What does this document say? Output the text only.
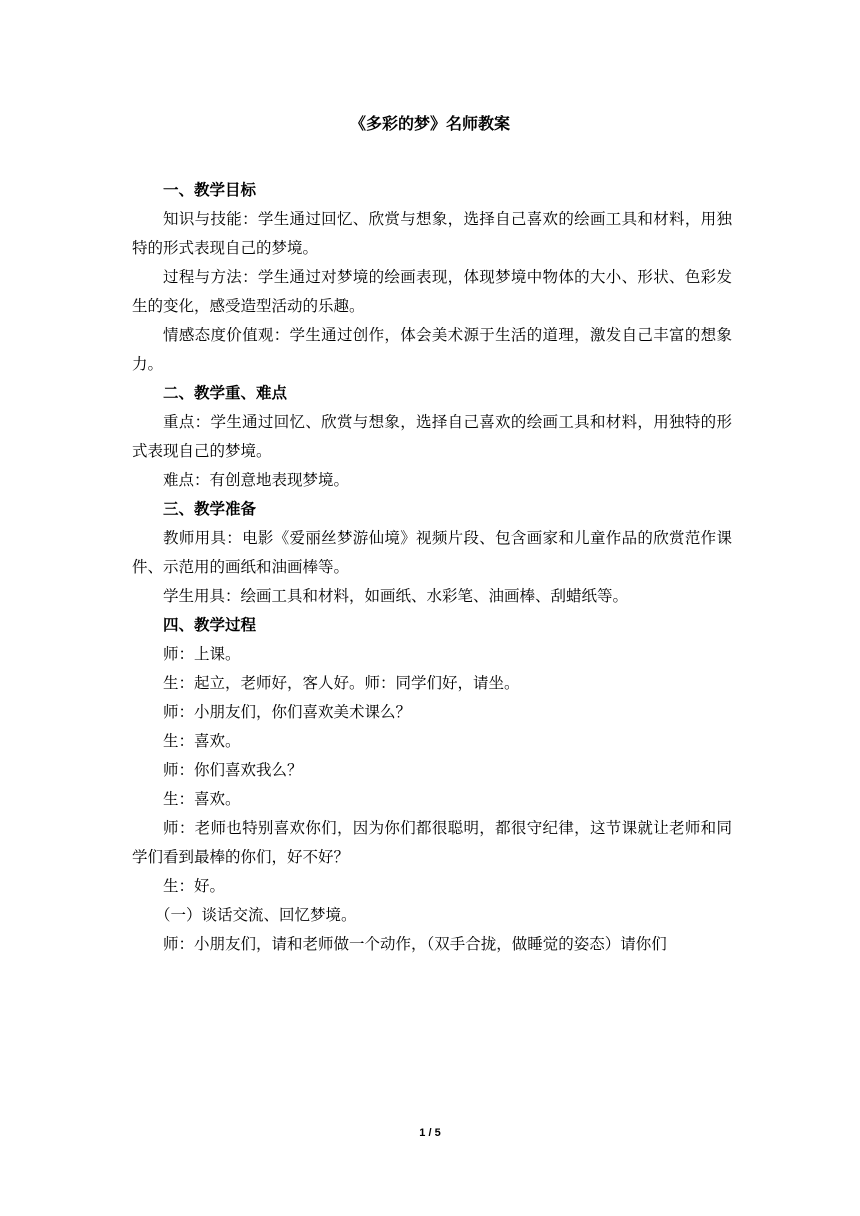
《多彩的梦》名师教案

一、教学目标

知识与技能：学生通过回忆、欣赏与想象，选择自己喜欢的绘画工具和材料，用独特的形式表现自己的梦境。

过程与方法：学生通过对梦境的绘画表现，体现梦境中物体的大小、形状、色彩发生的变化，感受造型活动的乐趣。

情感态度价值观：学生通过创作，体会美术源于生活的道理，激发自己丰富的想象力。

二、教学重、难点

重点：学生通过回忆、欣赏与想象，选择自己喜欢的绘画工具和材料，用独特的形式表现自己的梦境。

难点：有创意地表现梦境。

三、教学准备

教师用具：电影《爱丽丝梦游仙境》视频片段、包含画家和儿童作品的欣赏范作课件、示范用的画纸和油画棒等。

学生用具：绘画工具和材料，如画纸、水彩笔、油画棒、刮蜡纸等。

四、教学过程

师：上课。

生：起立，老师好，客人好。师：同学们好，请坐。

师：小朋友们，你们喜欢美术课么？

生：喜欢。

师：你们喜欢我么？

生：喜欢。

师：老师也特别喜欢你们，因为你们都很聪明，都很守纪律，这节课就让老师和同学们看到最棒的你们，好不好？

生：好。

（一）谈话交流、回忆梦境。

师：小朋友们，请和老师做一个动作，（双手合拢，做睡觉的姿态）请你们

1 / 5
